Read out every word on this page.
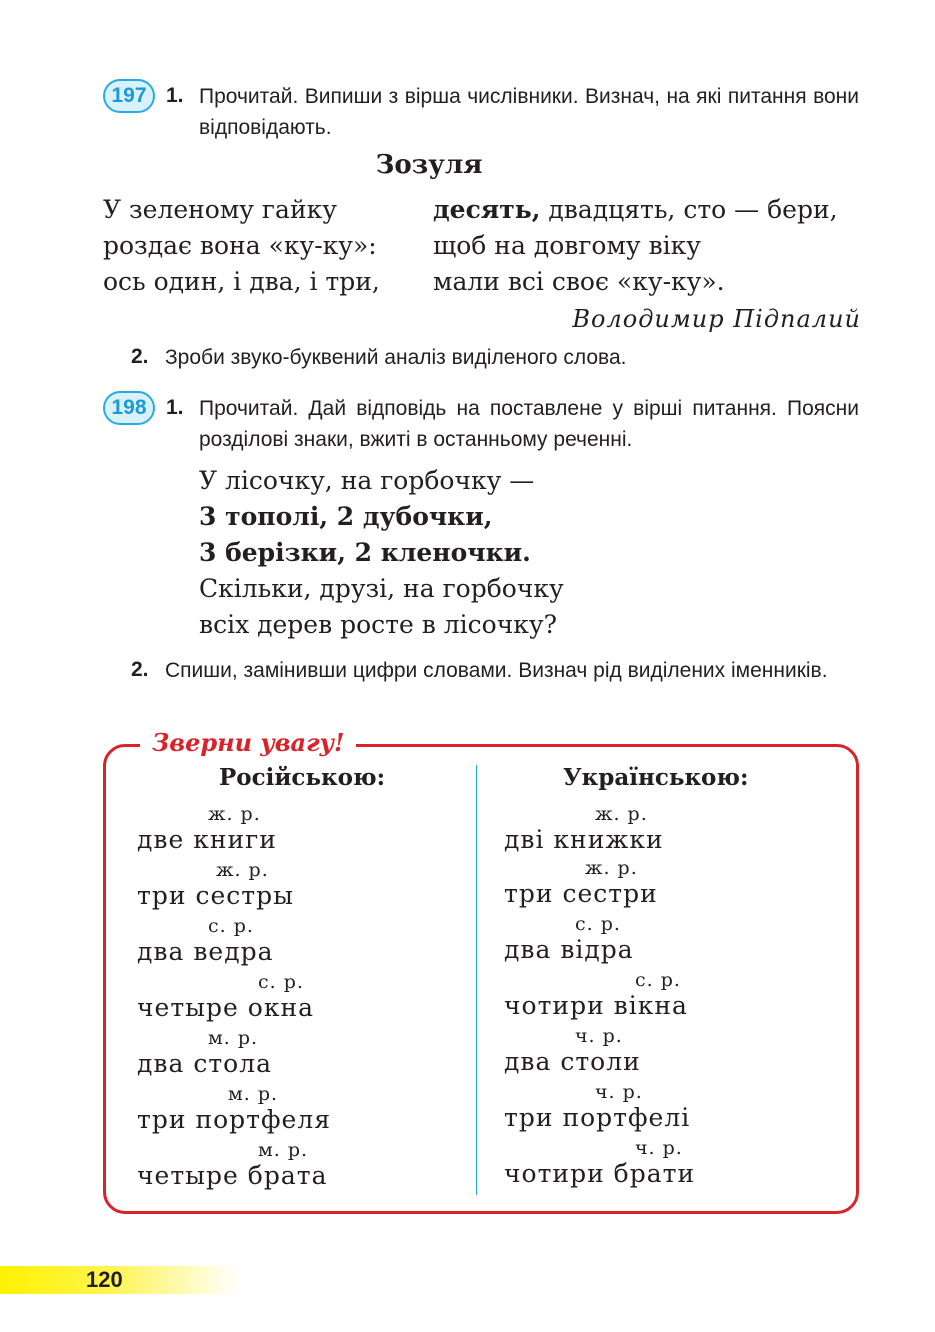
197 1. Прочитай. Випиши з вірша числівники. Визнач, на які питання вони відповідають.
Зозуля
У зеленому гайку
роздає вона «ку-ку»:
ось один, і два, і три,
десять, двадцять, сто — бери,
щоб на довгому віку
мали всі своє «ку-ку».
Володимир Підпалий
2. Зроби звуко-буквений аналіз виділеного слова.
198 1. Прочитай. Дай відповідь на поставлене у вірші питання. Поясни розділові знаки, вжиті в останньому реченні.
У лісочку, на горбочку —
3 тополі, 2 дубочки,
3 берізки, 2 кленочки.
Скільки, друзі, на горбочку
всіх дерев росте в лісочку?
2. Спиши, замінивши цифри словами. Визнач рід виділених іменників.
Зверни увагу!
Російською:	Українською:
ж. р.
две книги
ж. р.
три сестры
с. р.
два ведра
с. р.
четыре окна
м. р.
два стола
м. р.
три портфеля
м. р.
четыре брата
ж. р.
дві книжки
ж. р.
три сестри
с. р.
два відра
с. р.
чотири вікна
ч. р.
два столи
ч. р.
три портфелі
ч. р.
чотири брати
120
